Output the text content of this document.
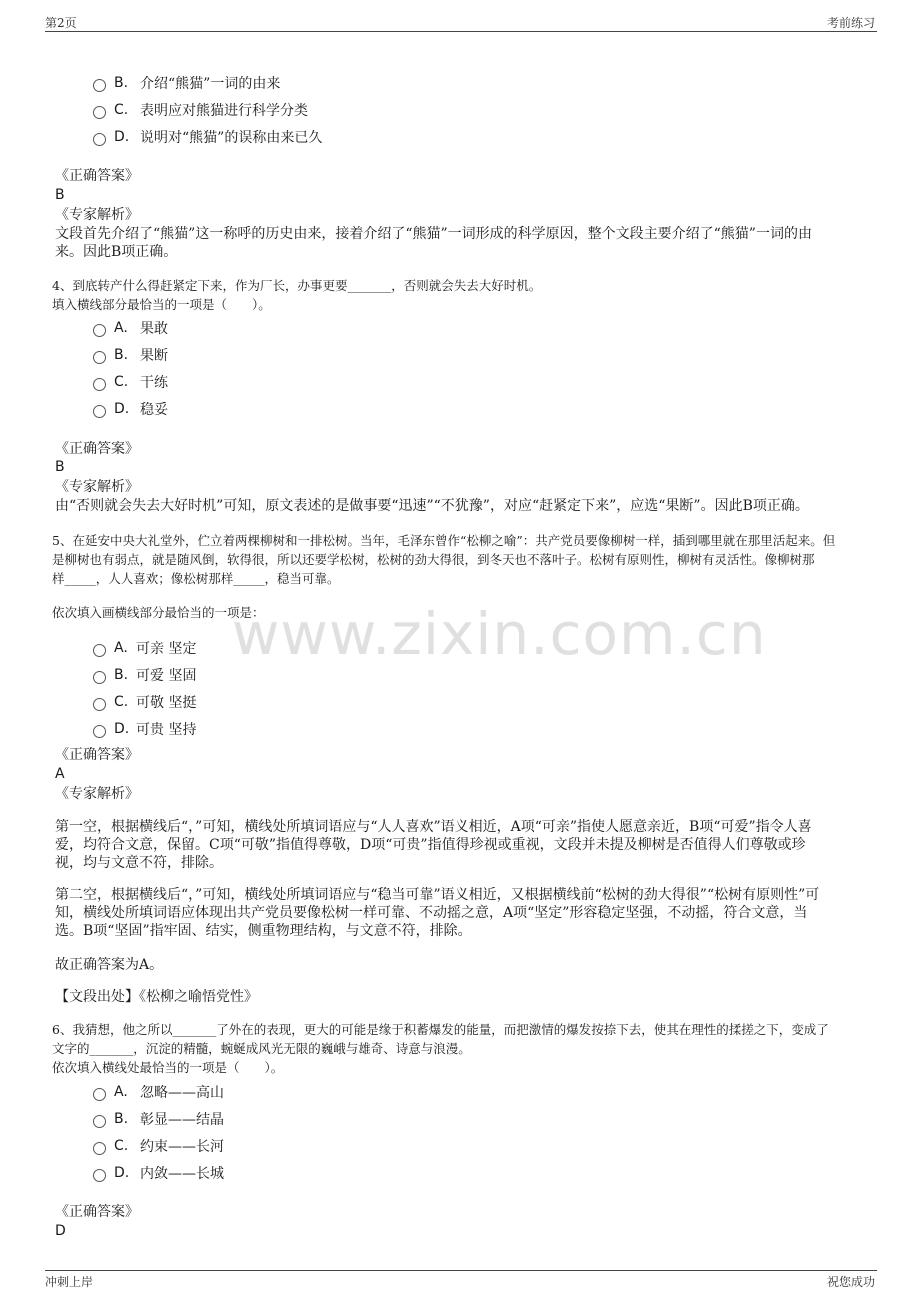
第2页	考前练习
www.zixin.com.cn
B. 介绍“熊猫”一词的由来
C. 表明应对熊猫进行科学分类
D. 说明对“熊猫”的误称由来已久
《正确答案》
B
《专家解析》
文段首先介绍了“熊猫”这一称呼的历史由来，接着介绍了“熊猫”一词形成的科学原因，整个文段主要介绍了“熊猫”一词的由
来。因此B项正确。
4、到底转产什么得赶紧定下来，作为厂长，办事更要_______，否则就会失去大好时机。
填入横线部分最恰当的一项是（　　）。
A. 果敢
B. 果断
C. 干练
D. 稳妥
《正确答案》
B
《专家解析》
由“否则就会失去大好时机”可知，原文表述的是做事要“迅速”“不犹豫”，对应“赶紧定下来”，应选“果断”。因此B项正确。
5、在延安中央大礼堂外，伫立着两棵柳树和一排松树。当年，毛泽东曾作“松柳之喻”：共产党员要像柳树一样，插到哪里就在那里活起来。但
是柳树也有弱点，就是随风倒，软得很，所以还要学松树，松树的劲大得很，到冬天也不落叶子。松树有原则性，柳树有灵活性。像柳树那
样_____，人人喜欢；像松树那样_____，稳当可靠。
依次填入画横线部分最恰当的一项是：
A. 可亲 坚定
B. 可爱 坚固
C. 可敬 坚挺
D. 可贵 坚持
《正确答案》
A
《专家解析》
第一空，根据横线后“，”可知，横线处所填词语应与“人人喜欢”语义相近，A项“可亲”指使人愿意亲近，B项“可爱”指令人喜
爱，均符合文意，保留。C项“可敬”指值得尊敬，D项“可贵”指值得珍视或重视，文段并未提及柳树是否值得人们尊敬或珍
视，均与文意不符，排除。
第二空，根据横线后“，”可知，横线处所填词语应与“稳当可靠”语义相近，又根据横线前“松树的劲大得很”“松树有原则性”可
知，横线处所填词语应体现出共产党员要像松树一样可靠、不动摇之意，A项“坚定”形容稳定坚强，不动摇，符合文意，当
选。B项“坚固”指牢固、结实，侧重物理结构，与文意不符，排除。
故正确答案为A。
【文段出处】《松柳之喻悟党性》
6、我猜想，他之所以_______了外在的表现，更大的可能是缘于积蓄爆发的能量，而把激情的爆发按捺下去，使其在理性的揉搓之下，变成了
文字的_______，沉淀的精髓，蜿蜒成风光无限的巍峨与雄奇、诗意与浪漫。
依次填入横线处最恰当的一项是（　　）。
A. 忽略——高山
B. 彰显——结晶
C. 约束——长河
D. 内敛——长城
《正确答案》
D
冲刺上岸	祝您成功
